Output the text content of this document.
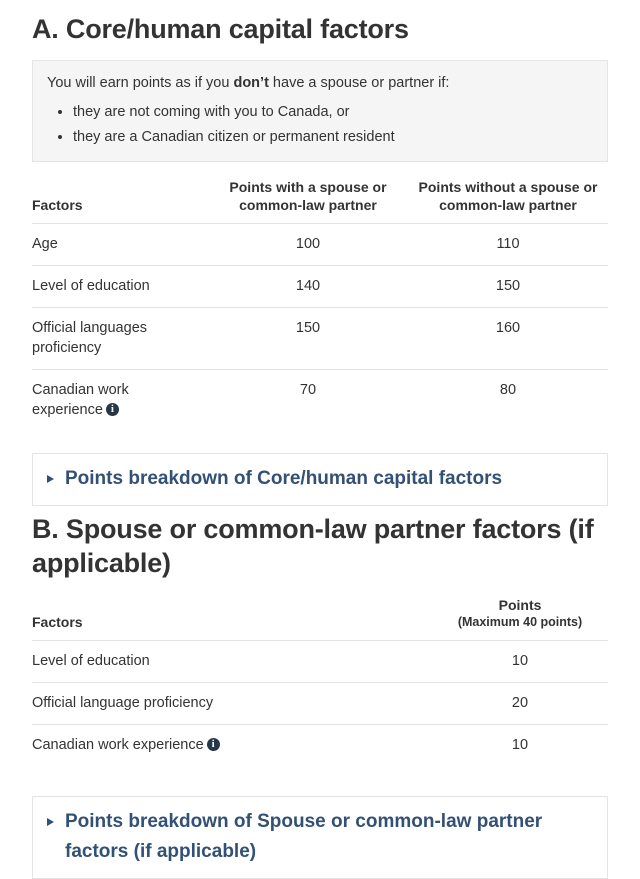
A. Core/human capital factors

You will earn points as if you don’t have a spouse or partner if:

• they are not coming with you to Canada, or
• they are a Canadian citizen or permanent resident
Factors	Points with a spouse or common-law partner	Points without a spouse or common-law partner
Age	100	110
Level of education	140	150
Official languages proficiency	150	160
Canadian work experiencei	70	80
Points breakdown of Core/human capital factors
B. Spouse or common-law partner factors (if applicable)
Factors	Points
(Maximum 40 points)

Level of education	10
Official language proficiency	20
Canadian work experiencei	10
Points breakdown of Spouse or common-law partner factors (if applicable)
